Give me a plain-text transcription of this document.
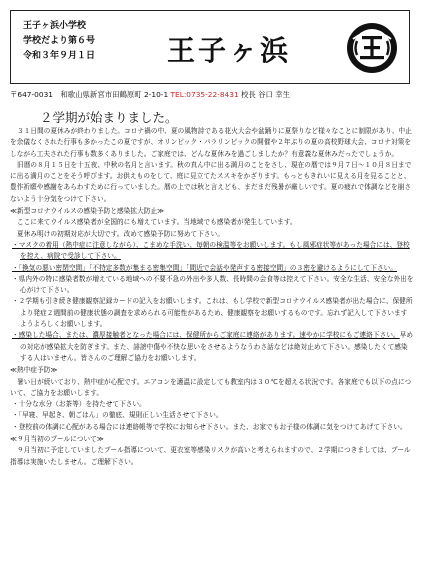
王子ヶ浜小学校
学校だより第６号
令和３年９月１日	王子ヶ浜
〒647-0031　和歌山県新宮市田鶴原町 2-10-1 TEL:0735-22-8431 校長 谷口 幸生
２学期が始まりました。

３１日間の夏休みが終わりました。コロナ禍の中、夏の風物詩である花火大会や盆踊りに夏祭りなど様々なことに制限があり、中止を余儀なくされた行事も多かったこの夏ですが、オリンピック・パラリンピックの開催や２年ぶりの夏の高校野球大会、コロナ対策をしながら工夫された行事も数多くありました。ご家庭では、どんな夏休みを過ごしましたか？有意義な夏休みだったでしょうか。

旧暦の８月１５日を十五夜、中秋の名月と言います。秋の真ん中に出る満月のことをさし、現在の暦では９月７日〜１０月８日までに出る満月のことをそう呼びます。お供えものをして、庭に見立てたススキをかざります。もっともきれいに見える月を見ることと、豊作祈願や感謝をあらわすために行っていました。暦の上では秋と言えども、まだまだ残暑が厳しいです。夏の疲れで体調などを崩さないよう十分気をつけて下さい。

≪新型コロナウイルスの感染予防と感染拡大防止≫

ここに来てウイルス感染者が全国的にも増えています。当地域でも感染者が発生しています。

夏休み明けの初期対応が大切です。改めて感染予防に努めて下さい。

・マスクの着用（熱中症に注意しながら）、こまめな手洗い、毎朝の検温等をお願いします。もし風邪症状等があった場合には、登校を控え、病院で受診して下さい。

・「換気の悪い密閉空間」「不特定多数が集まる密集空間」「間近で会話や発声する密接空間」の３密を避けるようにして下さい。

・県内外の特に感染者数が増えている地域への不要不急の外出や多人数、長時間の会食等は控えて下さい。安全な生活、安全な外出を心がけて下さい。

・２学期も引き続き健康観察記録カードの記入をお願いします。これは、もし学校で新型コロナウイルス感染者が出た場合に、保健所より発症２週間前の健康状態の調査を求められる可能性があるため、健康観察をお願いするものです。忘れず記入して下さいますようよろしくお願いします。

・感染した場合、または、濃厚接触者となった場合には、保健所からご家庭に連絡があります。速やかに学校にもご連絡下さい。早めの対応が感染拡大を防ぎます。また、誹謗中傷や不快な思いをさせるようなうわさ話などは絶対止めて下さい。感染したくて感染する人はいません。皆さんのご理解ご協力をお願いします。

≪熱中症予防≫

暑い日が続いており、熱中症が心配です。エアコンを適温に設定しても教室内は３０℃を超える状況です。各家庭でも以下の点について、ご協力をお願いします。

・十分な水分（お茶等）を持たせて下さい。

・「早寝、早起き、朝ごはん」の徹底、規則正しい生活させて下さい。

・登校前の体調に心配がある場合には連絡帳等で学校にお知らせ下さい。また、お家でもお子様の体調に気をつけてあげて下さい。

≪９月当初のプールについて≫

９月当初に予定していましたプール指導について、更衣室等感染リスクが高いと考えられますので、２学期につきましては、プール指導は実施いたしません。ご理解下さい。
